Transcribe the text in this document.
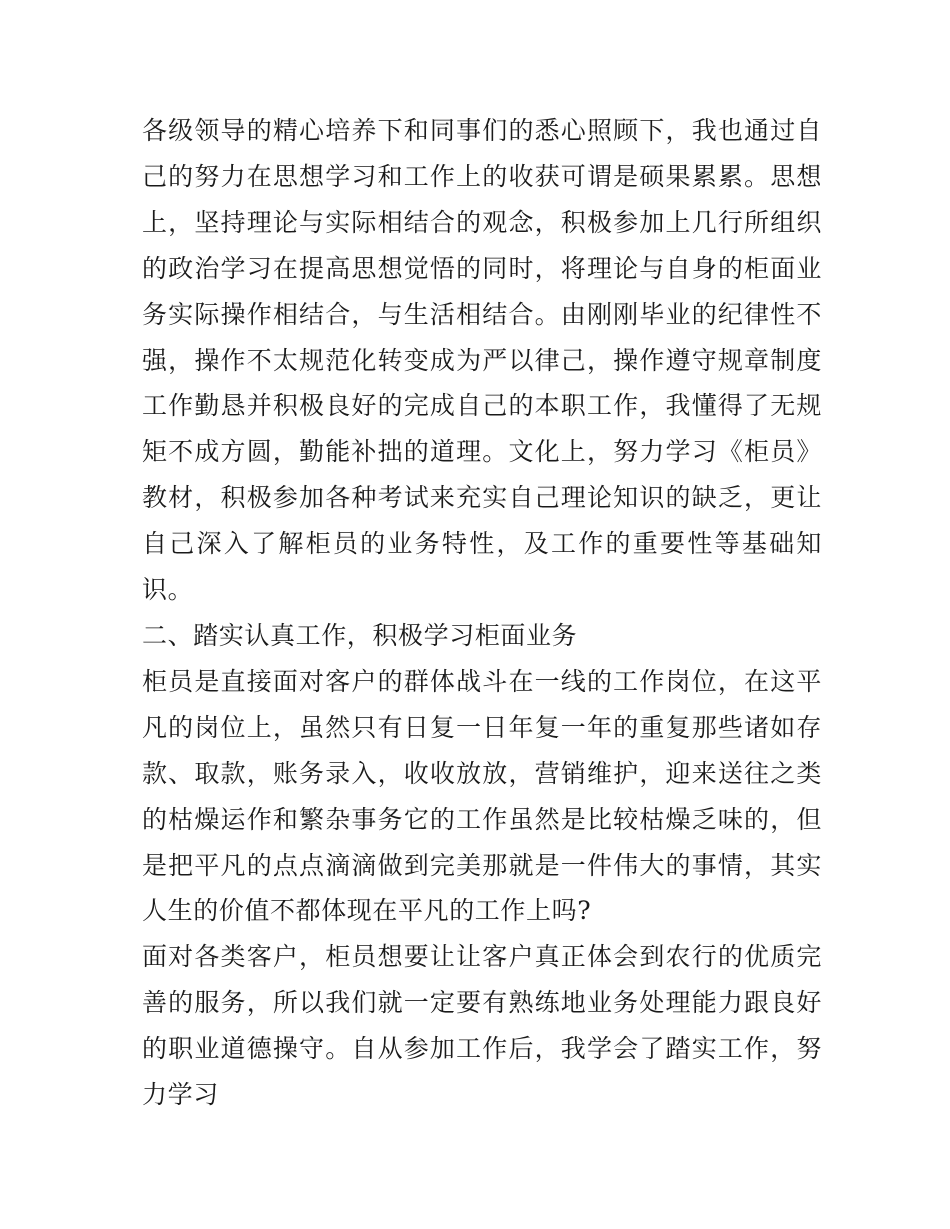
各级领导的精心培养下和同事们的悉心照顾下，我也通过自己的努力在思想学习和工作上的收获可谓是硕果累累。思想上，坚持理论与实际相结合的观念，积极参加上几行所组织的政治学习在提高思想觉悟的同时，将理论与自身的柜面业务实际操作相结合，与生活相结合。由刚刚毕业的纪律性不强，操作不太规范化转变成为严以律己，操作遵守规章制度工作勤恳并积极良好的完成自己的本职工作，我懂得了无规矩不成方圆，勤能补拙的道理。文化上，努力学习《柜员》教材，积极参加各种考试来充实自己理论知识的缺乏，更让自己深入了解柜员的业务特性，及工作的重要性等基础知识。

二、踏实认真工作，积极学习柜面业务

柜员是直接面对客户的群体战斗在一线的工作岗位，在这平凡的岗位上，虽然只有日复一日年复一年的重复那些诸如存款、取款，账务录入，收收放放，营销维护，迎来送往之类的枯燥运作和繁杂事务它的工作虽然是比较枯燥乏味的，但是把平凡的点点滴滴做到完美那就是一件伟大的事情，其实人生的价值不都体现在平凡的工作上吗?

面对各类客户，柜员想要让让客户真正体会到农行的优质完善的服务，所以我们就一定要有熟练地业务处理能力跟良好的职业道德操守。自从参加工作后，我学会了踏实工作，努力学习
